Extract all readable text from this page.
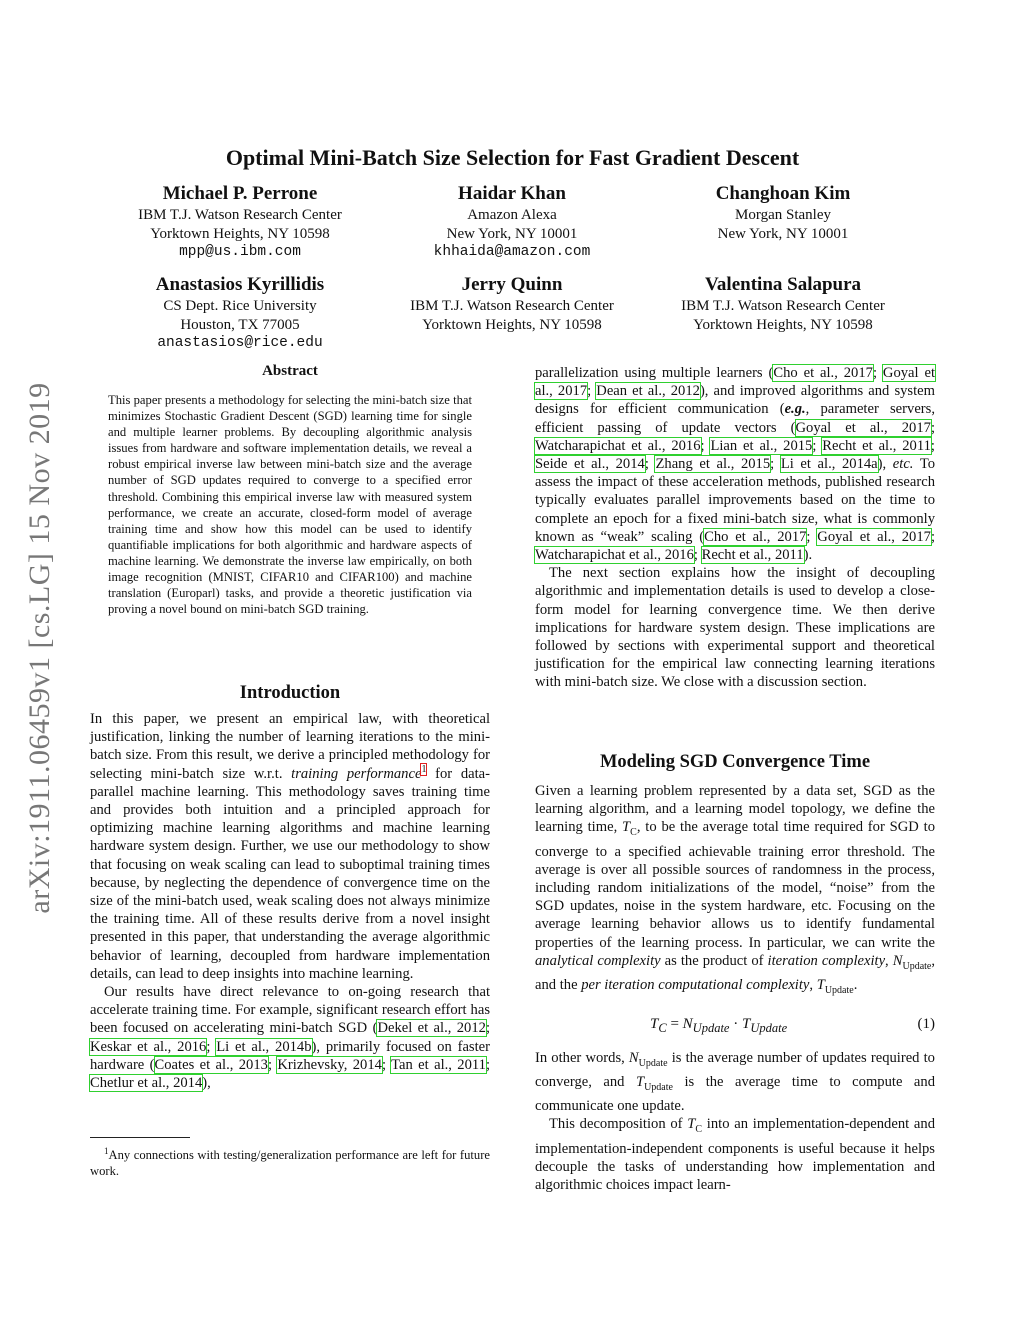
arXiv:1911.06459v1 [cs.LG] 15 Nov 2019
Optimal Mini-Batch Size Selection for Fast Gradient Descent
Michael P. Perrone
IBM T.J. Watson Research Center
Yorktown Heights, NY 10598
mpp@us.ibm.com
Haidar Khan
Amazon Alexa
New York, NY 10001
khhaida@amazon.com
Changhoan Kim
Morgan Stanley
New York, NY 10001
Anastasios Kyrillidis
CS Dept. Rice University
Houston, TX 77005
anastasios@rice.edu
Jerry Quinn
IBM T.J. Watson Research Center
Yorktown Heights, NY 10598
Valentina Salapura
IBM T.J. Watson Research Center
Yorktown Heights, NY 10598
Abstract

This paper presents a methodology for selecting the mini-batch size that minimizes Stochastic Gradient Descent (SGD) learning time for single and multiple learner problems. By decoupling algorithmic analysis issues from hardware and software implementation details, we reveal a robust empirical inverse law between mini-batch size and the average number of SGD updates required to converge to a specified error threshold. Combining this empirical inverse law with measured system performance, we create an accurate, closed-form model of average training time and show how this model can be used to identify quantifiable implications for both algorithmic and hardware aspects of machine learning. We demonstrate the inverse law empirically, on both image recognition (MNIST, CIFAR10 and CIFAR100) and machine translation (Europarl) tasks, and provide a theoretic justification via proving a novel bound on mini-batch SGD training.

Introduction

In this paper, we present an empirical law, with theoretical justification, linking the number of learning iterations to the mini-batch size. From this result, we derive a principled methodology for selecting mini-batch size w.r.t. training performance$^1$ for data-parallel machine learning. This methodology saves training time and provides both intuition and a principled approach for optimizing machine learning algorithms and machine learning hardware system design. Further, we use our methodology to show that focusing on weak scaling can lead to suboptimal training times because, by neglecting the dependence of convergence time on the size of the mini-batch used, weak scaling does not always minimize the training time. All of these results derive from a novel insight presented in this paper, that understanding the average algorithmic behavior of learning, decoupled from hardware implementation details, can lead to deep insights into machine learning.

Our results have direct relevance to on-going research that accelerate training time. For example, significant research effort has been focused on accelerating mini-batch SGD (Dekel et al., 2012; Keskar et al., 2016; Li et al., 2014b), primarily focused on faster hardware (Coates et al., 2013; Krizhevsky, 2014; Tan et al., 2011; Chetlur et al., 2014),

$^1$Any connections with testing/generalization performance are left for future work.

parallelization using multiple learners (Cho et al., 2017; Goyal et al., 2017; Dean et al., 2012), and improved algorithms and system designs for efficient communication (e.g., parameter servers, efficient passing of update vectors (Goyal et al., 2017; Watcharapichat et al., 2016; Lian et al., 2015; Recht et al., 2011; Seide et al., 2014; Zhang et al., 2015; Li et al., 2014a), etc. To assess the impact of these acceleration methods, published research typically evaluates parallel improvements based on the time to complete an epoch for a fixed mini-batch size, what is commonly known as “weak” scaling (Cho et al., 2017; Goyal et al., 2017; Watcharapichat et al., 2016; Recht et al., 2011).

The next section explains how the insight of decoupling algorithmic and implementation details is used to develop a close-form model for learning convergence time. We then derive implications for hardware system design. These implications are followed by sections with experimental support and theoretical justification for the empirical law connecting learning iterations with mini-batch size. We close with a discussion section.

Modeling SGD Convergence Time

Given a learning problem represented by a data set, SGD as the learning algorithm, and a learning model topology, we define the learning time, $T_C$, to be the average total time required for SGD to converge to a specified achievable training error threshold. The average is over all possible sources of randomness in the process, including random initializations of the model, “noise” from the SGD updates, noise in the system hardware, etc. Focusing on the average learning behavior allows us to identify fundamental properties of the learning process. In particular, we can write the analytical complexity as the product of iteration complexity, $N_{Update}$, and the per iteration computational complexity, $T_{Update}$.

$T_C = N_{Update} \cdot T_{Update}$	(1)

In other words, $N_{Update}$ is the average number of updates required to converge, and $T_{Update}$ is the average time to compute and communicate one update.

This decomposition of $T_C$ into an implementation-dependent and implementation-independent components is useful because it helps decouple the tasks of understanding how implementation and algorithmic choices impact learn-
